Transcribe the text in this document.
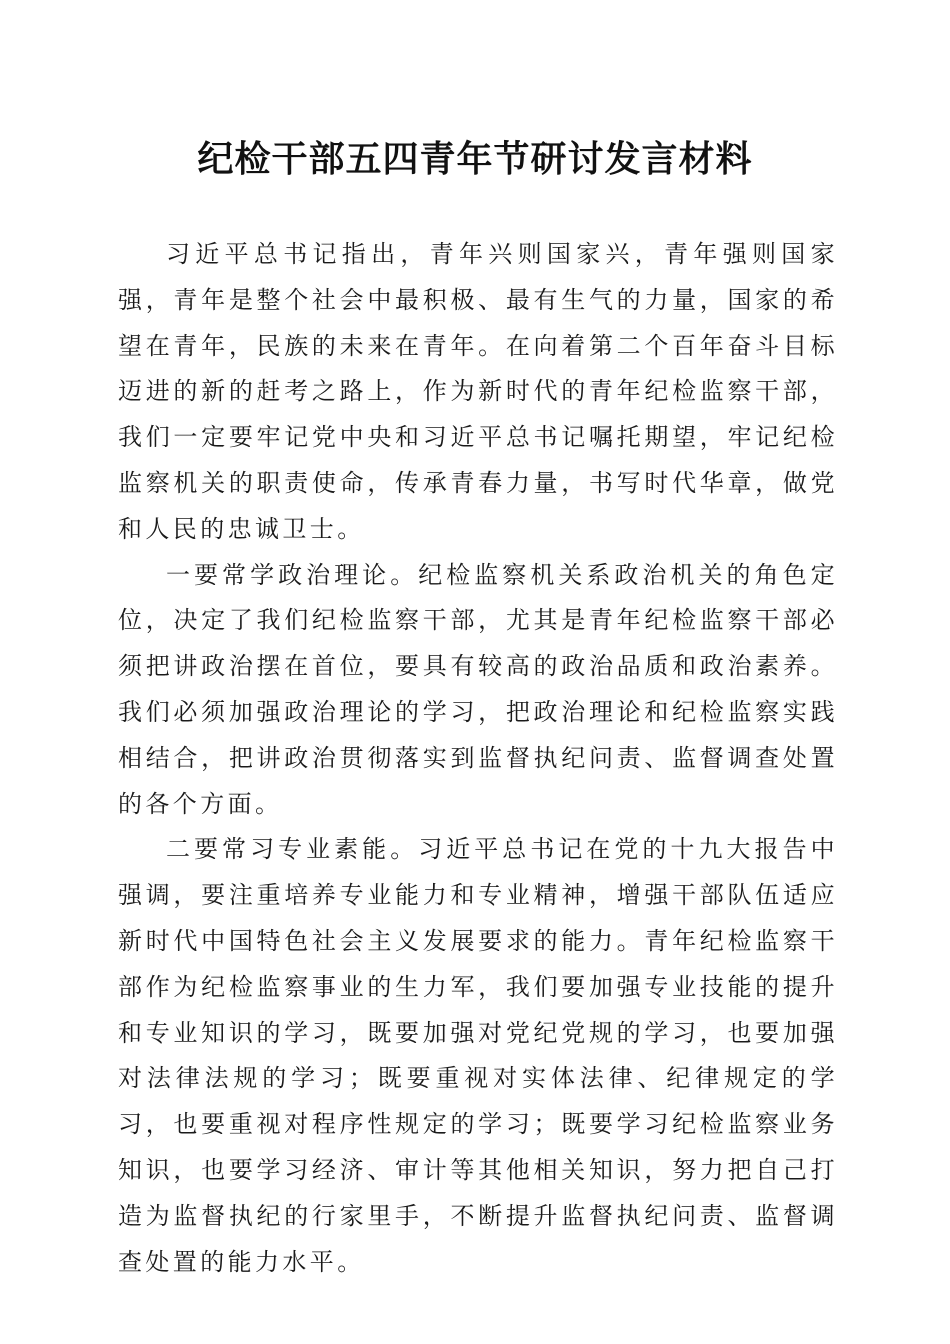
纪检干部五四青年节研讨发言材料

习近平总书记指出，青年兴则国家兴，青年强则国家强，青年是整个社会中最积极、最有生气的力量，国家的希望在青年，民族的未来在青年。在向着第二个百年奋斗目标迈进的新的赶考之路上，作为新时代的青年纪检监察干部，我们一定要牢记党中央和习近平总书记嘱托期望，牢记纪检监察机关的职责使命，传承青春力量，书写时代华章，做党和人民的忠诚卫士。

一要常学政治理论。纪检监察机关系政治机关的角色定位，决定了我们纪检监察干部，尤其是青年纪检监察干部必须把讲政治摆在首位，要具有较高的政治品质和政治素养。我们必须加强政治理论的学习，把政治理论和纪检监察实践相结合，把讲政治贯彻落实到监督执纪问责、监督调查处置的各个方面。

二要常习专业素能。习近平总书记在党的十九大报告中强调，要注重培养专业能力和专业精神，增强干部队伍适应新时代中国特色社会主义发展要求的能力。青年纪检监察干部作为纪检监察事业的生力军，我们要加强专业技能的提升和专业知识的学习，既要加强对党纪党规的学习，也要加强对法律法规的学习；既要重视对实体法律、纪律规定的学习，也要重视对程序性规定的学习；既要学习纪检监察业务知识，也要学习经济、审计等其他相关知识，努力把自己打造为监督执纪的行家里手，不断提升监督执纪问责、监督调查处置的能力水平。
